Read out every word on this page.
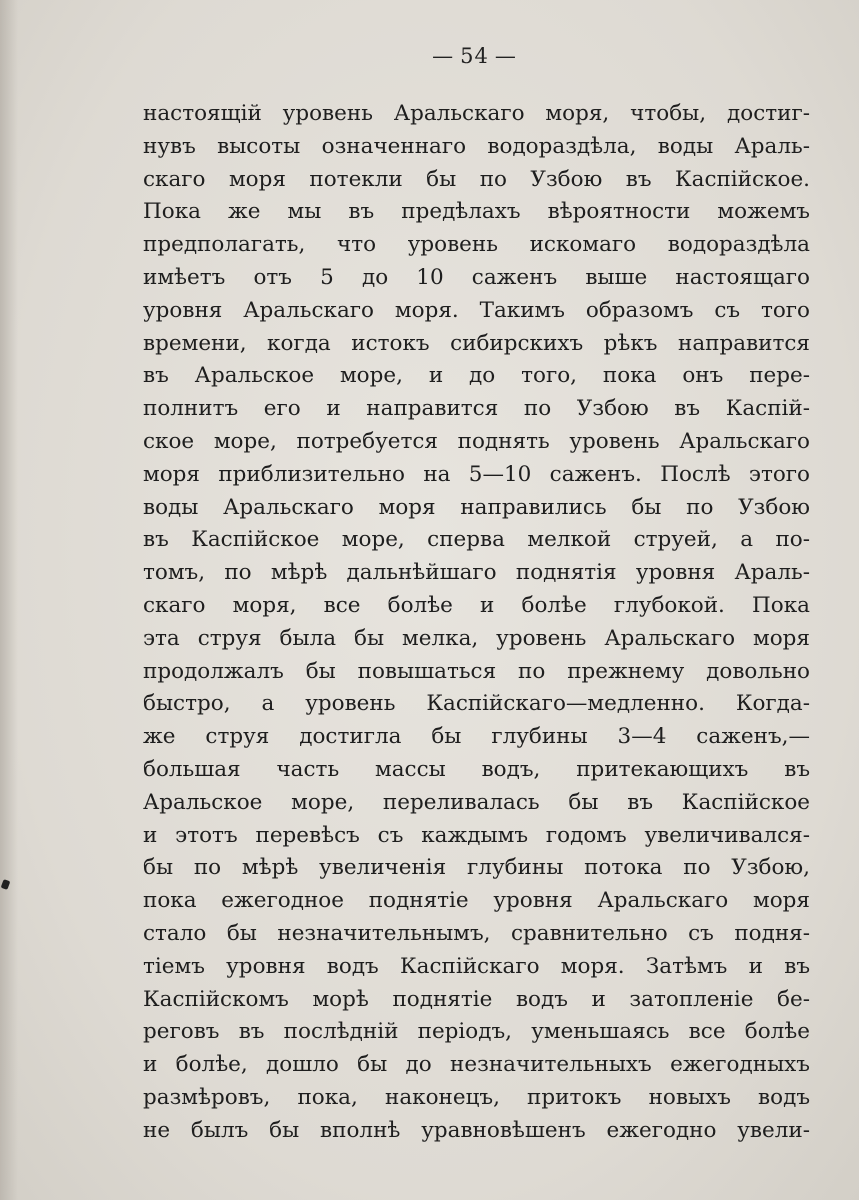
— 54 —
настоящій уровень Аральскаго моря, чтобы, достиг-
нувъ высоты означеннаго водораздѣла, воды Араль-
скаго моря потекли бы по Узбою въ Каспійское.
Пока же мы въ предѣлахъ вѣроятности можемъ
предполагать, что уровень искомаго водораздѣла
имѣетъ отъ 5 до 10 саженъ выше настоящаго
уровня Аральскаго моря. Такимъ образомъ съ того
времени, когда истокъ сибирскихъ рѣкъ направится
въ Аральское море, и до того, пока онъ пере-
полнитъ его и направится по Узбою въ Каспій-
ское море, потребуется поднять уровень Аральскаго
моря приблизительно на 5—10 саженъ. Послѣ этого
воды Аральскаго моря направились бы по Узбою
въ Каспійское море, сперва мелкой струей, а по-
томъ, по мѣрѣ дальнѣйшаго поднятія уровня Араль-
скаго моря, все болѣе и болѣе глубокой. Пока
эта струя была бы мелка, уровень Аральскаго моря
продолжалъ бы повышаться по прежнему довольно
быстро, а уровень Каспійскаго—медленно. Когда-
же струя достигла бы глубины 3—4 саженъ,—
большая часть массы водъ, притекающихъ въ
Аральское море, переливалась бы въ Каспійское
и этотъ перевѣсъ съ каждымъ годомъ увеличивался-
бы по мѣрѣ увеличенія глубины потока по Узбою,
пока ежегодное поднятіе уровня Аральскаго моря
стало бы незначительнымъ, сравнительно съ подня-
тіемъ уровня водъ Каспійскаго моря. Затѣмъ и въ
Каспійскомъ морѣ поднятіе водъ и затопленіе бе-
реговъ въ послѣдній періодъ, уменьшаясь все болѣе
и болѣе, дошло бы до незначительныхъ ежегодныхъ
размѣровъ, пока, наконецъ, притокъ новыхъ водъ
не былъ бы вполнѣ уравновѣшенъ ежегодно увели-
